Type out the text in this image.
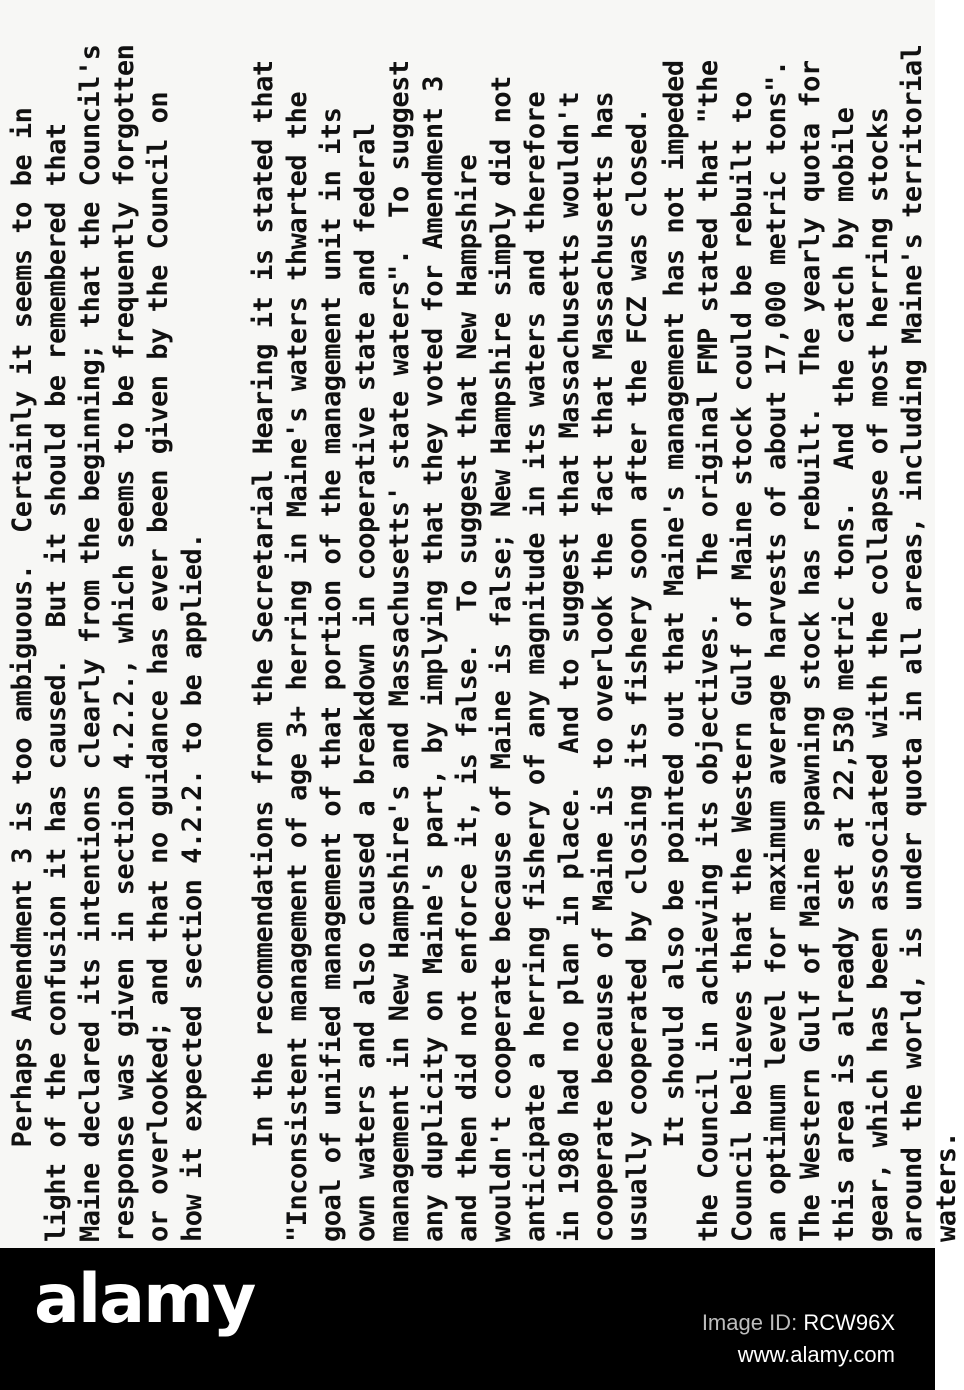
Perhaps Amendment 3 is too ambiguous.  Certainly it seems to be in light of the confusion it has caused.  But it should be remembered that Maine declared its intentions clearly from the beginning; that the Council's response was given in section 4.2.2., which seems to be frequently forgotten or overlooked; and that no guidance has ever been given by the Council on how it expected section 4.2.2. to be applied. In the recommendations from the Secretarial Hearing it is stated that "Inconsistent management of age 3+ herring in Maine's waters thwarted the goal of unified management of that portion of the management unit in its own waters and also caused a breakdown in cooperative state and federal management in New Hampshire's and Massachusetts' state waters".  To suggest any duplicity on Maine's part, by implying that they voted for Amendment 3 and then did not enforce it, is false.  To suggest that New Hampshire wouldn't cooperate because of Maine is false; New Hampshire simply did not anticipate a herring fishery of any magnitude in its waters and therefore in 1980 had no plan in place.  And to suggest that Massachusetts wouldn't cooperate because of Maine is to overlook the fact that Massachusetts has usually cooperated by closing its fishery soon after the FCZ was closed. It should also be pointed out that Maine's management has not impeded the Council in achieving its objectives.  The original FMP stated that "the Council believes that the Western Gulf of Maine stock could be rebuilt to an optimum level for maximum average harvests of about 17,000 metric tons". The Western Gulf of Maine spawning stock has rebuilt.  The yearly quota for this area is already set at 22,530 metric tons.  And the catch by mobile gear, which has been associated with the collapse of most herring stocks around the world, is under quota in all areas, including Maine's territorial waters.
alamy	Image ID: RCW96X
www.alamy.com
